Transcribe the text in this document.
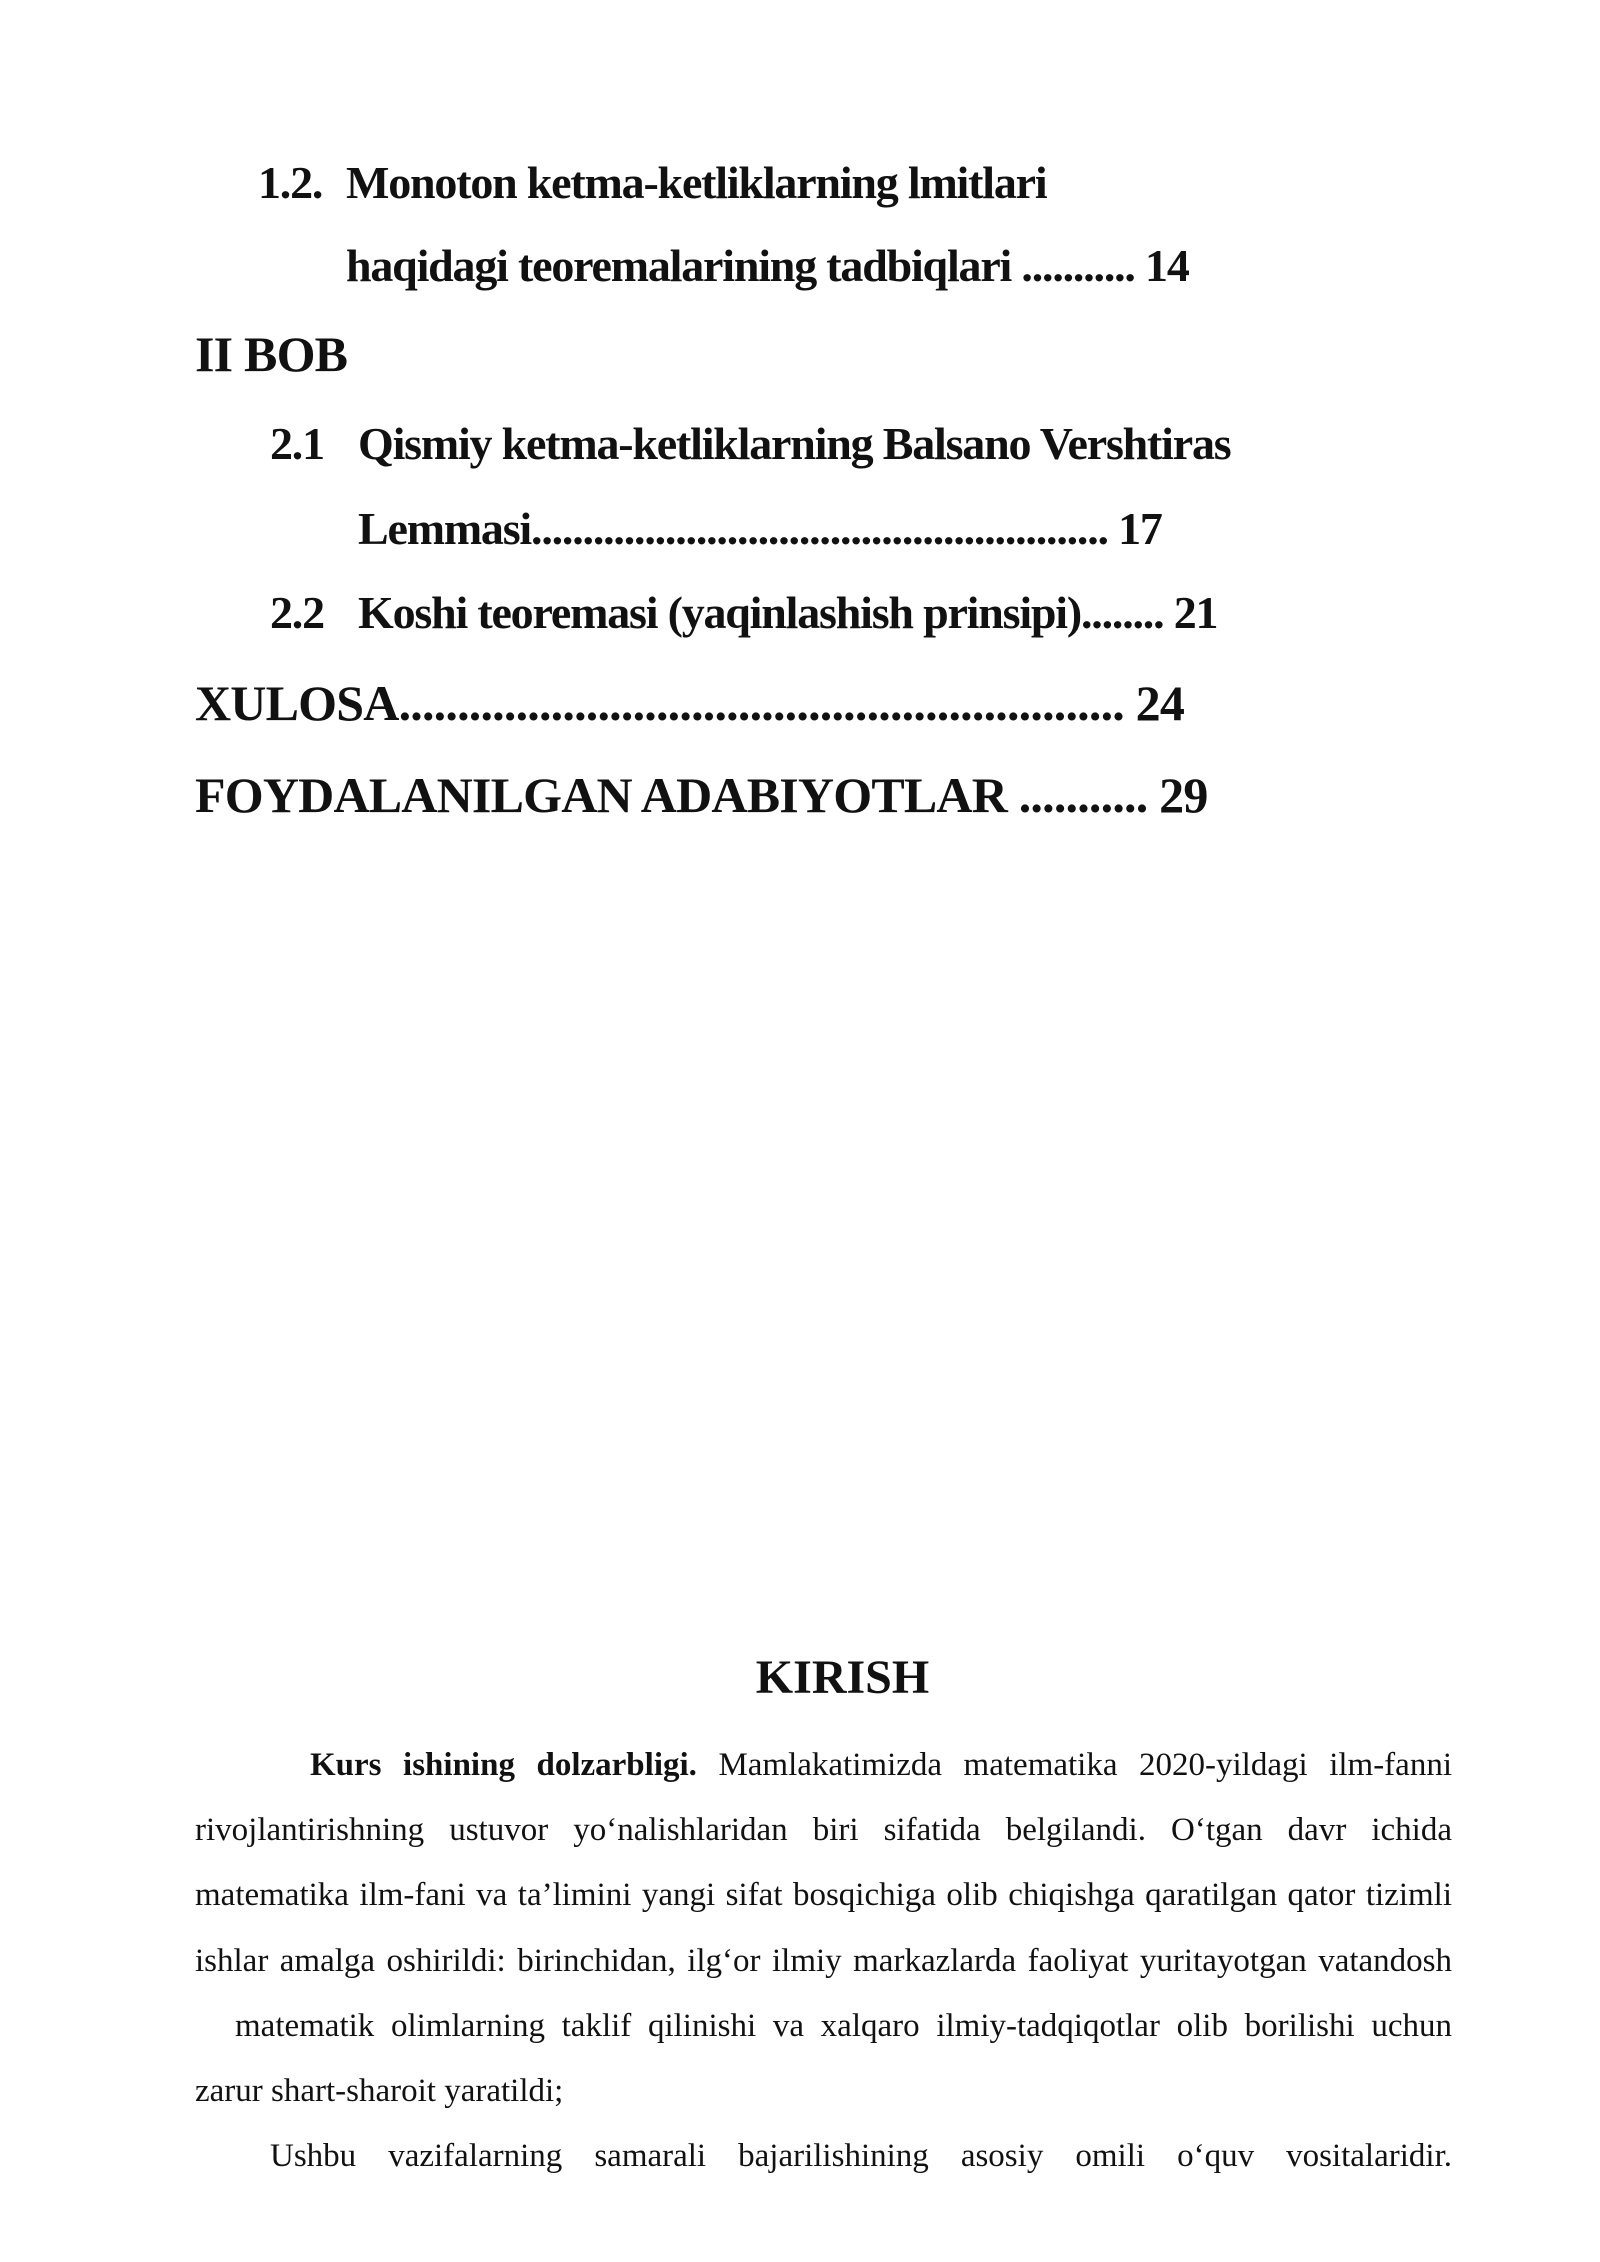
1.2. Monoton ketma-ketliklarning lmitlari
haqidagi teoremalarining tadbiqlari ........... 14
II BOB
2.1 Qismiy ketma-ketliklarning Balsano Vershtiras
Lemmasi........................................................ 17
2.2 Koshi teoremasi (yaqinlashish prinsipi)........ 21
XULOSA.............................................................. 24
FOYDALANILGAN ADABIYOTLAR ........... 29
KIRISH

Kurs ishining dolzarbligi. Mamlakatimizda matematika 2020-yildagi ilm-fanni rivojlantirishning ustuvor yo‘nalishlaridan biri sifatida belgilandi. O‘tgan davr ichida matematika ilm-fani va ta’limini yangi sifat bosqichiga olib chiqishga qaratilgan qator tizimli ishlar amalga oshirildi: birinchidan, ilg‘or ilmiy markazlarda faoliyat yuritayotgan vatandoshmatematik olimlarning taklif qilinishi va xalqaro ilmiy-tadqiqotlar olib borilishi uchun zarur shart-sharoit yaratildi;

Ushbu vazifalarning samarali bajarilishining asosiy omili o‘quv vositalaridir.
